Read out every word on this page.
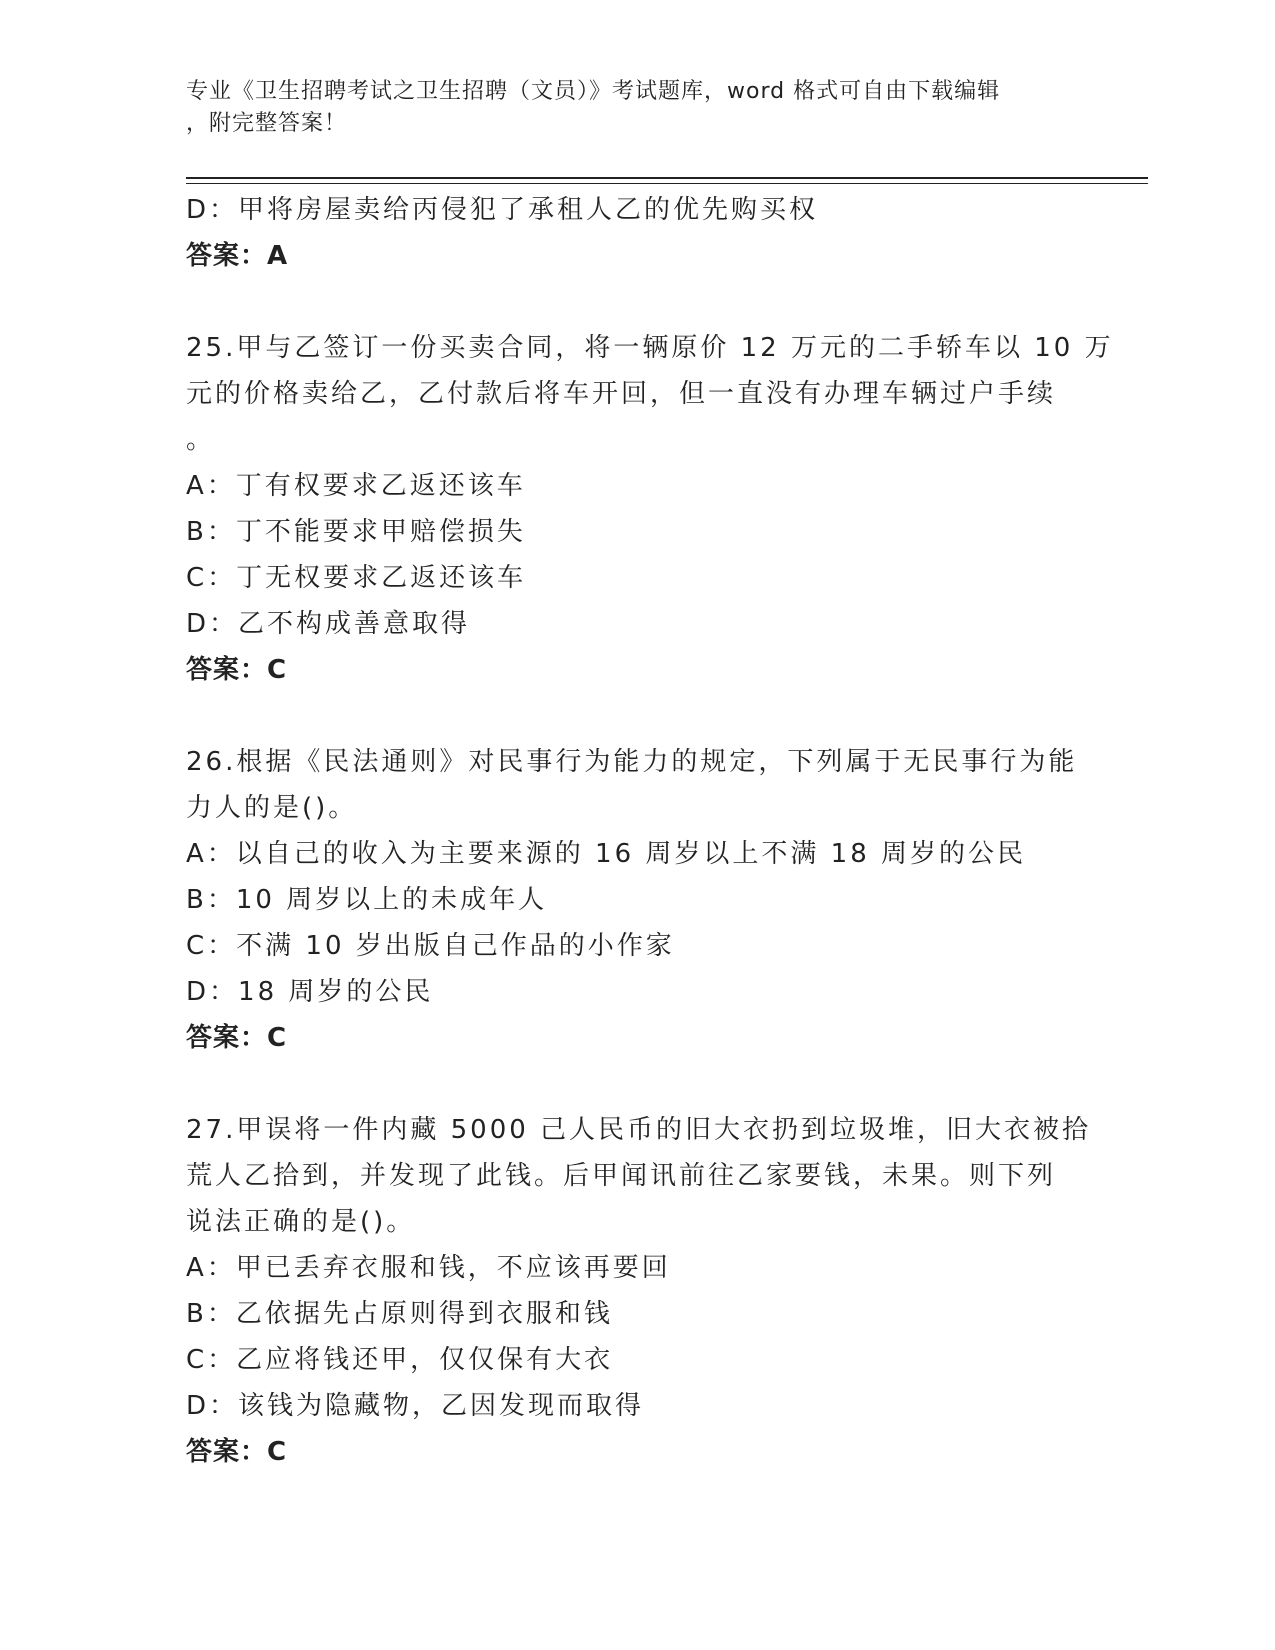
专业《卫生招聘考试之卫生招聘（文员）》考试题库，word 格式可自由下载编辑
，附完整答案！
D：甲将房屋卖给丙侵犯了承租人乙的优先购买权
答案：A
25.甲与乙签订一份买卖合同，将一辆原价 12 万元的二手轿车以 10 万
元的价格卖给乙，乙付款后将车开回，但一直没有办理车辆过户手续
。
A：丁有权要求乙返还该车
B：丁不能要求甲赔偿损失
C：丁无权要求乙返还该车
D：乙不构成善意取得
答案：C
26.根据《民法通则》对民事行为能力的规定，下列属于无民事行为能
力人的是()。
A：以自己的收入为主要来源的 16 周岁以上不满 18 周岁的公民
B：10 周岁以上的未成年人
C：不满 10 岁出版自己作品的小作家
D：18 周岁的公民
答案：C
27.甲误将一件内藏 5000 己人民币的旧大衣扔到垃圾堆，旧大衣被拾
荒人乙拾到，并发现了此钱。后甲闻讯前往乙家要钱，未果。则下列
说法正确的是()。
A：甲已丢弃衣服和钱，不应该再要回
B：乙依据先占原则得到衣服和钱
C：乙应将钱还甲，仅仅保有大衣
D：该钱为隐藏物，乙因发现而取得
答案：C
